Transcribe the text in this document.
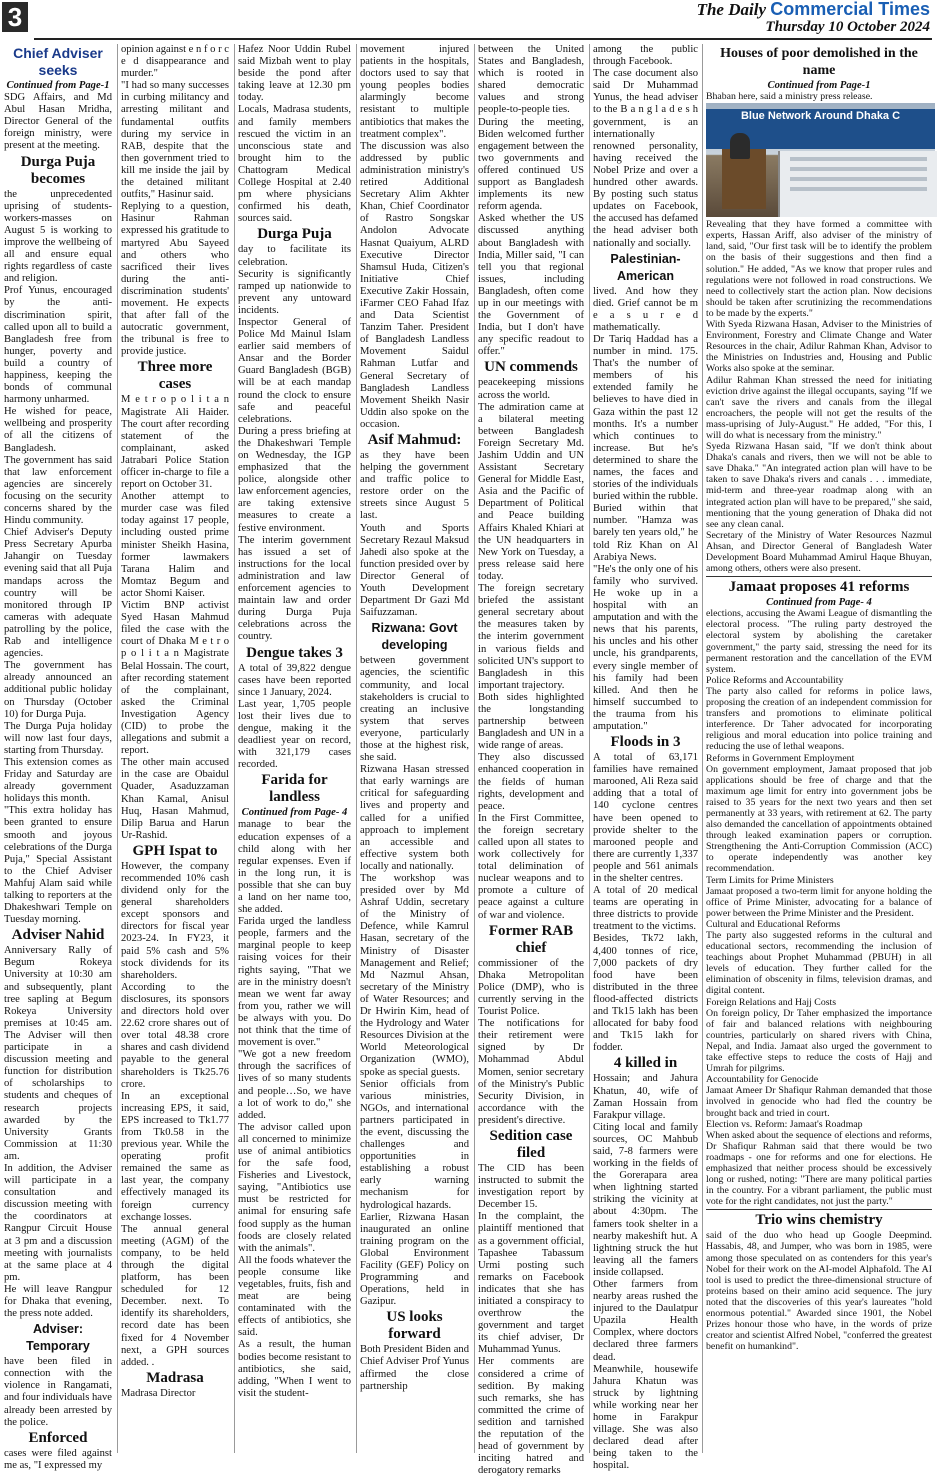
3	The Daily Commercial Times
Thursday 10 October 2024
Chief Adviser seeks
Continued from Page-1

SDG Affairs, and Md Abul Hasan Mridha, Director General of the foreign ministry, were present at the meeting.

Durga Puja becomes

the unprecedented uprising of students-workers-masses on August 5 is working to improve the wellbeing of all and ensure equal rights regardless of caste and religion.

Prof Yunus, encouraged by the anti-discrimination spirit, called upon all to build a Bangladesh free from hunger, poverty and build a country of happiness, keeping the bonds of communal harmony unharmed.

He wished for peace, wellbeing and prosperity of all the citizens of Bangladesh.

The government has said that law enforcement agencies are sincerely focusing on the security concerns shared by the Hindu community.

Chief Adviser's Deputy Press Secretary Apurba Jahangir on Tuesday evening said that all Puja mandaps across the country will be monitored through IP cameras with adequate patrolling by the police, Rab and intelligence agencies.

The government has already announced an additional public holiday on Thursday (October 10) for Durga Puja.

The Durga Puja holiday will now last four days, starting from Thursday.

This extension comes as Friday and Saturday are already government holidays this month.

"This extra holiday has been granted to ensure smooth and joyous celebrations of the Durga Puja," Special Assistant to the Chief Adviser Mahfuj Alam said while talking to reporters at the Dhakeshwari Temple on Tuesday morning.

Adviser Nahid

Anniversary Rally of Begum Rokeya University at 10:30 am and subsequently, plant tree sapling at Begum Rokeya University premises at 10:45 am. The Adviser will then participate in a discussion meeting and function for distribution of scholarships to students and cheques of research projects awarded by the University Grants Commission at 11:30 am.

In addition, the Adviser will participate in a consultation and discussion meeting with the coordinators at Rangpur Circuit House at 3 pm and a discussion meeting with journalists at the same place at 4 pm.

He will leave Rangpur for Dhaka that evening, the press note added.

Adviser: Temporary

have been filed in connection with the violence in Rangamati, and four individuals have already been arrested by the police.

Enforced

cases were filed against me as, "I expressed my

opinion against e n f o r c e d disappearance and murder."

"I had so many successes in curbing militancy and arresting militant and fundamental outfits during my service in RAB, despite that the then government tried to kill me inside the jail by the detained militant outfits," Hasinur said.

Replying to a question, Hasinur Rahman expressed his gratitude to martyred Abu Sayeed and others who sacrificed their lives during the anti-discrimination students' movement. He expects that after fall of the autocratic government, the tribunal is free to provide justice.

Three more cases

M e t r o p o l i t a n Magistrate Ali Haider. The court after recording statement of the complainant, asked Jatrabari Police Station officer in-charge to file a report on October 31.

Another attempt to murder case was filed today against 17 people, including ousted prime minister Sheikh Hasina, former lawmakers Tarana Halim and Momtaz Begum and actor Shomi Kaiser.

Victim BNP activist Syed Hasan Mahmud filed the case with the court of Dhaka M e t r o p o l i t a n Magistrate Belal Hossain. The court, after recording statement of the complainant, asked the Criminal Investigation Agency (CID) to probe the allegations and submit a report.

The other main accused in the case are Obaidul Quader, Asaduzzaman Khan Kamal, Anisul Huq, Hasan Mahmud, Dilip Barua and Harun Ur-Rashid.

GPH Ispat to

However, the company recommended 10% cash dividend only for the general shareholders except sponsors and directors for fiscal year 2023-24. In FY23, it paid 5% cash and 5% stock dividends for its shareholders.

According to the disclosures, its sponsors and directors hold over 22.62 crore shares out of over total 48.38 crore shares and cash dividend payable to the general shareholders is Tk25.76 crore.

In an exceptional increasing EPS, it said, EPS increased to Tk1.77 from Tk0.58 in the previous year. While the operating profit remained the same as last year, the company effectively managed its foreign currency exchange losses.

The annual general meeting (AGM) of the company, to be held through the digital platform, has been scheduled for 12 December. next. To identify its shareholders, record date has been fixed for 4 November next, a GPH sources added. .

Madrasa

Madrasa Director

Hafez Noor Uddin Rubel said Mizbah went to play beside the pond after taking leave at 12.30 pm today.

Locals, Madrasa students, and family members rescued the victim in an unconscious state and brought him to the Chattogram Medical College Hospital at 2.40 pm where physicians confirmed his death, sources said.

Durga Puja

day to facilitate its celebration.

Security is significantly ramped up nationwide to prevent any untoward incidents.

Inspector General of Police Md Mainul Islam earlier said members of Ansar and the Border Guard Bangladesh (BGB) will be at each mandap round the clock to ensure safe and peaceful celebrations.

During a press briefing at the Dhakeshwari Temple on Wednesday, the IGP emphasized that the police, alongside other law enforcement agencies, are taking extensive measures to create a festive environment.

The interim government has issued a set of instructions for the local administration and law enforcement agencies to maintain law and order during Durga Puja celebrations across the country.

Dengue takes 3

A total of 39,822 dengue cases have been reported since 1 January, 2024.

Last year, 1,705 people lost their lives due to dengue, making it the deadliest year on record, with 321,179 cases recorded.

Farida for landless
Continued from Page- 4

manage to bear the education expenses of a child along with her regular expenses. Even if in the long run, it is possible that she can buy a land on her name too, she added.

Farida urged the landless people, farmers and the marginal people to keep raising voices for their rights saying, "That we are in the ministry doesn't mean we went far away from you, rather we will be always with you. Do not think that the time of movement is over."

"We got a new freedom through the sacrifices of lives of so many students and people…So, we have a lot of work to do," she added.

The advisor called upon all concerned to minimize use of animal antibiotics for the safe food, Fisheries and Livestock, saying, "Antibiotics use must be restricted for animal for ensuring safe food supply as the human foods are closely related with the animals".

All the foods whatever the people consume like vegetables, fruits, fish and meat are being contaminated with the effects of antibiotics, she said.

As a result, the human bodies become resistant to antibiotics, she said, adding, "When I went to visit the student-

movement injured patients in the hospitals, doctors used to say that young peoples bodies alarmingly become resistant to multiple antibiotics that makes the treatment complex".

The discussion was also addressed by public administration ministry's retired Additional Secretary Alim Akhter Khan, Chief Coordinator of Rastro Songskar Andolon Advocate Hasnat Quaiyum, ALRD Executive Director Shamsul Huda, Citizen's Initiative Chief Executive Zakir Hossain, iFarmer CEO Fahad Ifaz and Data Scientist Tanzim Taher. President of Bangladesh Landless Movement Saidul Rahman Lutfar and General Secretary of Bangladesh Landless Movement Sheikh Nasir Uddin also spoke on the occasion.

Asif Mahmud:

as they have been helping the government and traffic police to restore order on the streets since August 5 last.

Youth and Sports Secretary Rezaul Maksud Jahedi also spoke at the function presided over by Director General of Youth Development Department Dr Gazi Md Saifuzzaman.

Rizwana: Govt developing

between government agencies, the scientific community, and local stakeholders is crucial to creating an inclusive system that serves everyone, particularly those at the highest risk, she said.

Rizwana Hasan stressed that early warnings are critical for safeguarding lives and property and called for a unified approach to implement an accessible and effective system both locally and nationally.

The workshop was presided over by Md Ashraf Uddin, secretary of the Ministry of Defence, while Kamrul Hasan, secretary of the Ministry of Disaster Management and Relief; Md Nazmul Ahsan, secretary of the Ministry of Water Resources; and Dr Hwirin Kim, head of the Hydrology and Water Resources Division at the World Meteorological Organization (WMO), spoke as special guests.

Senior officials from various ministries, NGOs, and international partners participated in the event, discussing the challenges and opportunities in establishing a robust early warning mechanism for hydrological hazards.

Earlier, Rizwana Hasan inaugurated an online training program on the Global Environment Facility (GEF) Policy on Programming and Operations, held in Gazipur.

US looks forward

Both President Biden and Chief Adviser Prof Yunus affirmed the close partnership

between the United States and Bangladesh, which is rooted in shared democratic values and strong people-to-people ties.

During the meeting, Biden welcomed further engagement between the two governments and offered continued US support as Bangladesh implements its new reform agenda.

Asked whether the US discussed anything about Bangladesh with India, Miller said, "I can tell you that regional issues, including Bangladesh, often come up in our meetings with the Government of India, but I don't have any specific readout to offer."

UN commends

peacekeeping missions across the world.

The admiration came at a bilateral meeting between Bangladesh Foreign Secretary Md. Jashim Uddin and UN Assistant Secretary General for Middle East, Asia and the Pacific of Department of Political and Peace building Affairs Khaled Khiari at the UN headquarters in New York on Tuesday, a press release said here today.

The foreign secretary briefed the assistant general secretary about the measures taken by the interim government in various fields and solicited UN's support to Bangladesh in this important trajectory.

Both sides highlighted the longstanding partnership between Bangladesh and UN in a wide range of areas.

They also discussed enhanced cooperation in the fields of human rights, development and peace.

In the First Committee, the foreign secretary called upon all states to work collectively for total delimination of nuclear weapons and to promote a culture of peace against a culture of war and violence.

Former RAB chief

commissioner of the Dhaka Metropolitan Police (DMP), who is currently serving in the Tourist Police.

The notifications for their retirement were signed by Dr Mohammad Abdul Momen, senior secretary of the Ministry's Public Security Division, in accordance with the president's directive.

Sedition case filed

The CID has been instructed to submit the investigation report by December 15.

In the complaint, the plaintiff mentioned that as a government official, Tapashee Tabassum Urmi posting such remarks on Facebook indicates that she has initiated a conspiracy to overthrow the government and target its chief adviser, Dr Muhammad Yunus.

Her comments are considered a crime of sedition. By making such remarks, she has committed the crime of sedition and tarnished the reputation of the head of government by inciting hatred and derogatory remarks

among the public through Facebook.

The case document also said Dr Muhammad Yunus, the head adviser to the B a n g l a d e s h government, is an internationally renowned personality, having received the Nobel Prize and over a hundred other awards. By posting such status updates on Facebook, the accused has defamed the head adviser both nationally and socially.

Palestinian-American

lived. And how they died. Grief cannot be m e a s u r e d mathematically.

Dr Tariq Haddad has a number in mind. 175. That's the number of members of his extended family he believes to have died in Gaza within the past 12 months. It's a number which continues to increase. But he's determined to share the names, the faces and stories of the individuals buried within the rubble. Buried within that number. "Hamza was barely ten years old," he told Riz Khan on Al Arabiya News.

"He's the only one of his family who survived. He woke up in a hospital with an amputation and with the news that his parents, his uncles and his other uncle, his grandparents, every single member of his family had been killed. And then he himself succumbed to the trauma from his amputation."

Floods in 3

A total of 63,171 families have remained marooned, Ali Reza said adding that a total of 140 cyclone centres have been opened to provide shelter to the marooned people and there are currently 1,337 people and 561 animals in the shelter centres.

A total of 20 medical teams are operating in three districts to provide treatment to the victims.

Besides, Tk72 lakh, 4,400 tonnes of rice, 7,000 packets of dry food have been distributed in the three flood-affected districts and Tk15 lakh has been allocated for baby food and Tk15 lakh for fodder.

4 killed in

Hossain; and Jahura Khatun, 40, wife of Zaman Hossain from Farakpur village.

Citing local and family sources, OC Mahbub said, 7-8 farmers were working in the fields of the Gorerapara area when lightning started striking the vicinity at about 4:30pm. The famers took shelter in a nearby makeshift hut. A lightning struck the hut leaving all the famers inside collapsed.

Other farmers from nearby areas rushed the injured to the Daulatpur Upazila Health Complex, where doctors declared three farmers dead.

Meanwhile, housewife Jahura Khatun was struck by lightning while working near her home in Farakpur village. She was also declared dead after being taken to the hospital.

Houses of poor demolished in the name
Continued from Page-1

Bhaban here, said a ministry press release.

Blue Network Around Dhaka C

Revealing that they have formed a committee with experts, Hassan Ariff, also adviser of the ministry of land, said, "Our first task will be to identify the problem on the basis of their suggestions and then find a solution." He added, "As we know that proper rules and regulations were not followed in road constructions. We need to collectively start the action plan. Now decisions should be taken after scrutinizing the recommendations to be made by the experts."

With Syeda Rizwana Hasan, Adviser to the Ministries of Environment, Forestry and Climate Change and Water Resources in the chair, Adilur Rahman Khan, Advisor to the Ministries on Industries and, Housing and Public Works also spoke at the seminar.

Adilur Rahman Khan stressed the need for initiating eviction drive against the illegal occupants, saying "If we can't save the rivers and canals from the illegal encroachers, the people will not get the results of the mass-uprising of July-August." He added, "For this, I will do what is necessary from the ministry."

Syeda Rizwana Hasan said, "If we don't think about Dhaka's canals and rivers, then we will not be able to save Dhaka." "An integrated action plan will have to be taken to save Dhaka's rivers and canals . . . immediate, mid-term and three-year roadmap along with an integrated action plan will have to be prepared," she said, mentioning that the young generation of Dhaka did not see any clean canal.

Secretary of the Ministry of Water Resources Nazmul Ahsan, and Director General of Bangladesh Water Development Board Muhammad Amirul Haque Bhuyan, among others, others were also present.

Jamaat proposes 41 reforms
Continued from Page- 4

elections, accusing the Awami League of dismantling the electoral process. "The ruling party destroyed the electoral system by abolishing the caretaker government," the party said, stressing the need for its permanent restoration and the cancellation of the EVM system.

Police Reforms and Accountability

The party also called for reforms in police laws, proposing the creation of an independent commission for transfers and promotions to eliminate political interference. Dr Taher advocated for incorporating religious and moral education into police training and reducing the use of lethal weapons.

Reforms in Government Employment

On government employment, Jamaat proposed that job applications should be free of charge and that the maximum age limit for entry into government jobs be raised to 35 years for the next two years and then set permanently at 33 years, with retirement at 62. The party also demanded the cancellation of appointments obtained through leaked examination papers or corruption. Strengthening the Anti-Corruption Commission (ACC) to operate independently was another key recommendation.

Term Limits for Prime Ministers

Jamaat proposed a two-term limit for anyone holding the office of Prime Minister, advocating for a balance of power between the Prime Minister and the President.

Cultural and Educational Reforms

The party also suggested reforms in the cultural and educational sectors, recommending the inclusion of teachings about Prophet Muhammad (PBUH) in all levels of education. They further called for the elimination of obscenity in films, television dramas, and digital content.

Foreign Relations and Hajj Costs

On foreign policy, Dr Taher emphasized the importance of fair and balanced relations with neighbouring countries, particularly on shared rivers with China, Nepal, and India. Jamaat also urged the government to take effective steps to reduce the costs of Hajj and Umrah for pilgrims.

Accountability for Genocide

Jamaat Ameer Dr Shafiqur Rahman demanded that those involved in genocide who had fled the country be brought back and tried in court.

Election vs. Reform: Jamaat's Roadmap

When asked about the sequence of elections and reforms, Dr Shafiqur Rahman said that there would be two roadmaps - one for reforms and one for elections. He emphasized that neither process should be excessively long or rushed, noting: "There are many political parties in the country. For a vibrant parliament, the public must vote for the right candidates, not just the party."

Trio wins chemistry

said of the duo who head up Google Deepmind. Hassabis, 48, and Jumper, who was born in 1985, were among those speculated on as contenders for this year's Nobel for their work on the AI-model Alphafold. The AI tool is used to predict the three-dimensional structure of proteins based on their amino acid sequence. The jury noted that the discoveries of this year's laureates "hold enormous potential." Awarded since 1901, the Nobel Prizes honour those who have, in the words of prize creator and scientist Alfred Nobel, "conferred the greatest benefit on humankind".
